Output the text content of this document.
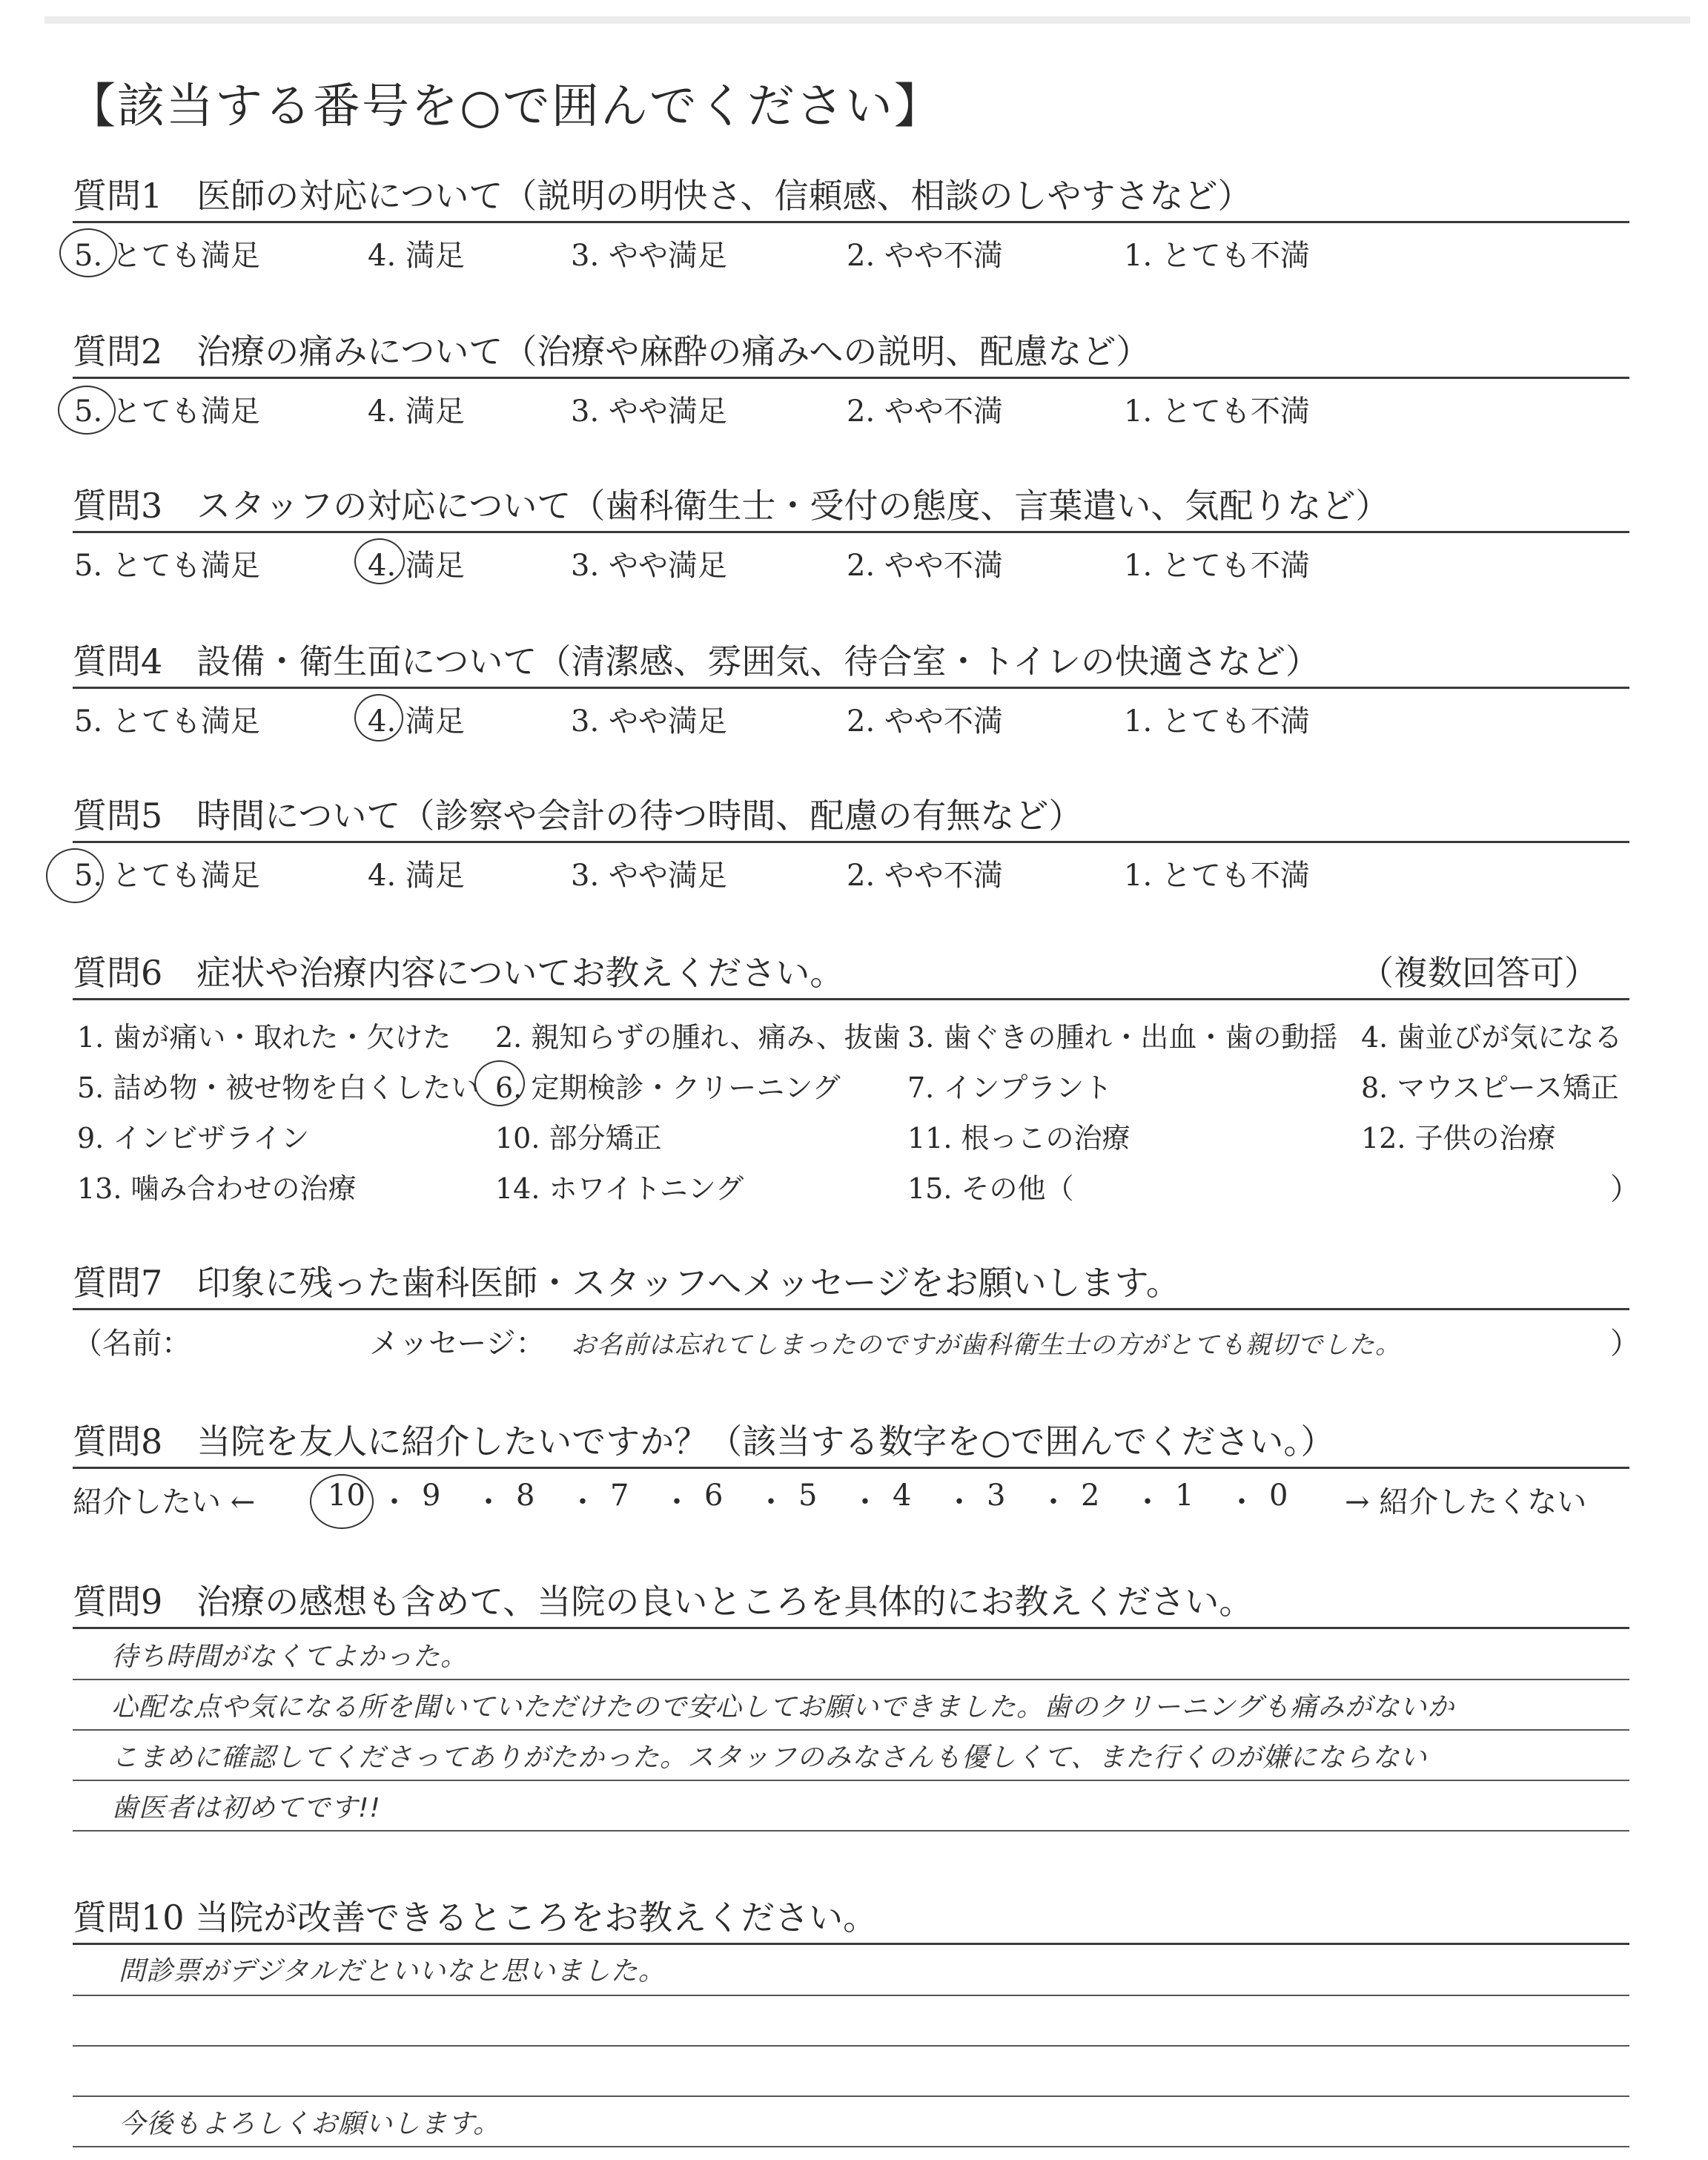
【該当する番号を○で囲んでください】
質問1　医師の対応について（説明の明快さ、信頼感、相談のしやすさなど）
5. とても満足	4. 満足	3. やや満足	2. やや不満	1. とても不満
質問2　治療の痛みについて（治療や麻酔の痛みへの説明、配慮など）
5. とても満足	4. 満足	3. やや満足	2. やや不満	1. とても不満
質問3　スタッフの対応について（歯科衛生士・受付の態度、言葉遣い、気配りなど）
5. とても満足	4. 満足	3. やや満足	2. やや不満	1. とても不満
質問4　設備・衛生面について（清潔感、雰囲気、待合室・トイレの快適さなど）
5. とても満足	4. 満足	3. やや満足	2. やや不満	1. とても不満
質問5　時間について（診察や会計の待つ時間、配慮の有無など）
5. とても満足	4. 満足	3. やや満足	2. やや不満	1. とても不満
質問6　症状や治療内容についてお教えください。	（複数回答可）
1. 歯が痛い・取れた・欠けた 2. 親知らずの腫れ、痛み、抜歯 3. 歯ぐきの腫れ・出血・歯の動揺 4. 歯並びが気になる
5. 詰め物・被せ物を白くしたい 6. 定期検診・クリーニング 7. インプラント	8. マウスピース矯正
9. インビザライン	10. 部分矯正	11. 根っこの治療	12. 子供の治療
13. 噛み合わせの治療	14. ホワイトニング	15. その他（	）
質問7　印象に残った歯科医師・スタッフへメッセージをお願いします。
（名前：	メッセージ： お名前は忘れてしまったのですが歯科衛生士の方がとても親切でした。	）
質問8　当院を友人に紹介したいですか？（該当する数字を○で囲んでください。）
紹介したい ← 10 ・ 9 ・ 8 ・ 7 ・ 6 ・ 5 ・ 4 ・ 3 ・ 2 ・ 1 ・ 0 → 紹介したくない
質問9　治療の感想も含めて、当院の良いところを具体的にお教えください。
待ち時間がなくてよかった。
心配な点や気になる所を聞いていただけたので安心してお願いできました。歯のクリーニングも痛みがないか
こまめに確認してくださってありがたかった。スタッフのみなさんも優しくて、また行くのが嫌にならない
歯医者は初めてです!!
質問10 当院が改善できるところをお教えください。
問診票がデジタルだといいなと思いました。
今後もよろしくお願いします。
